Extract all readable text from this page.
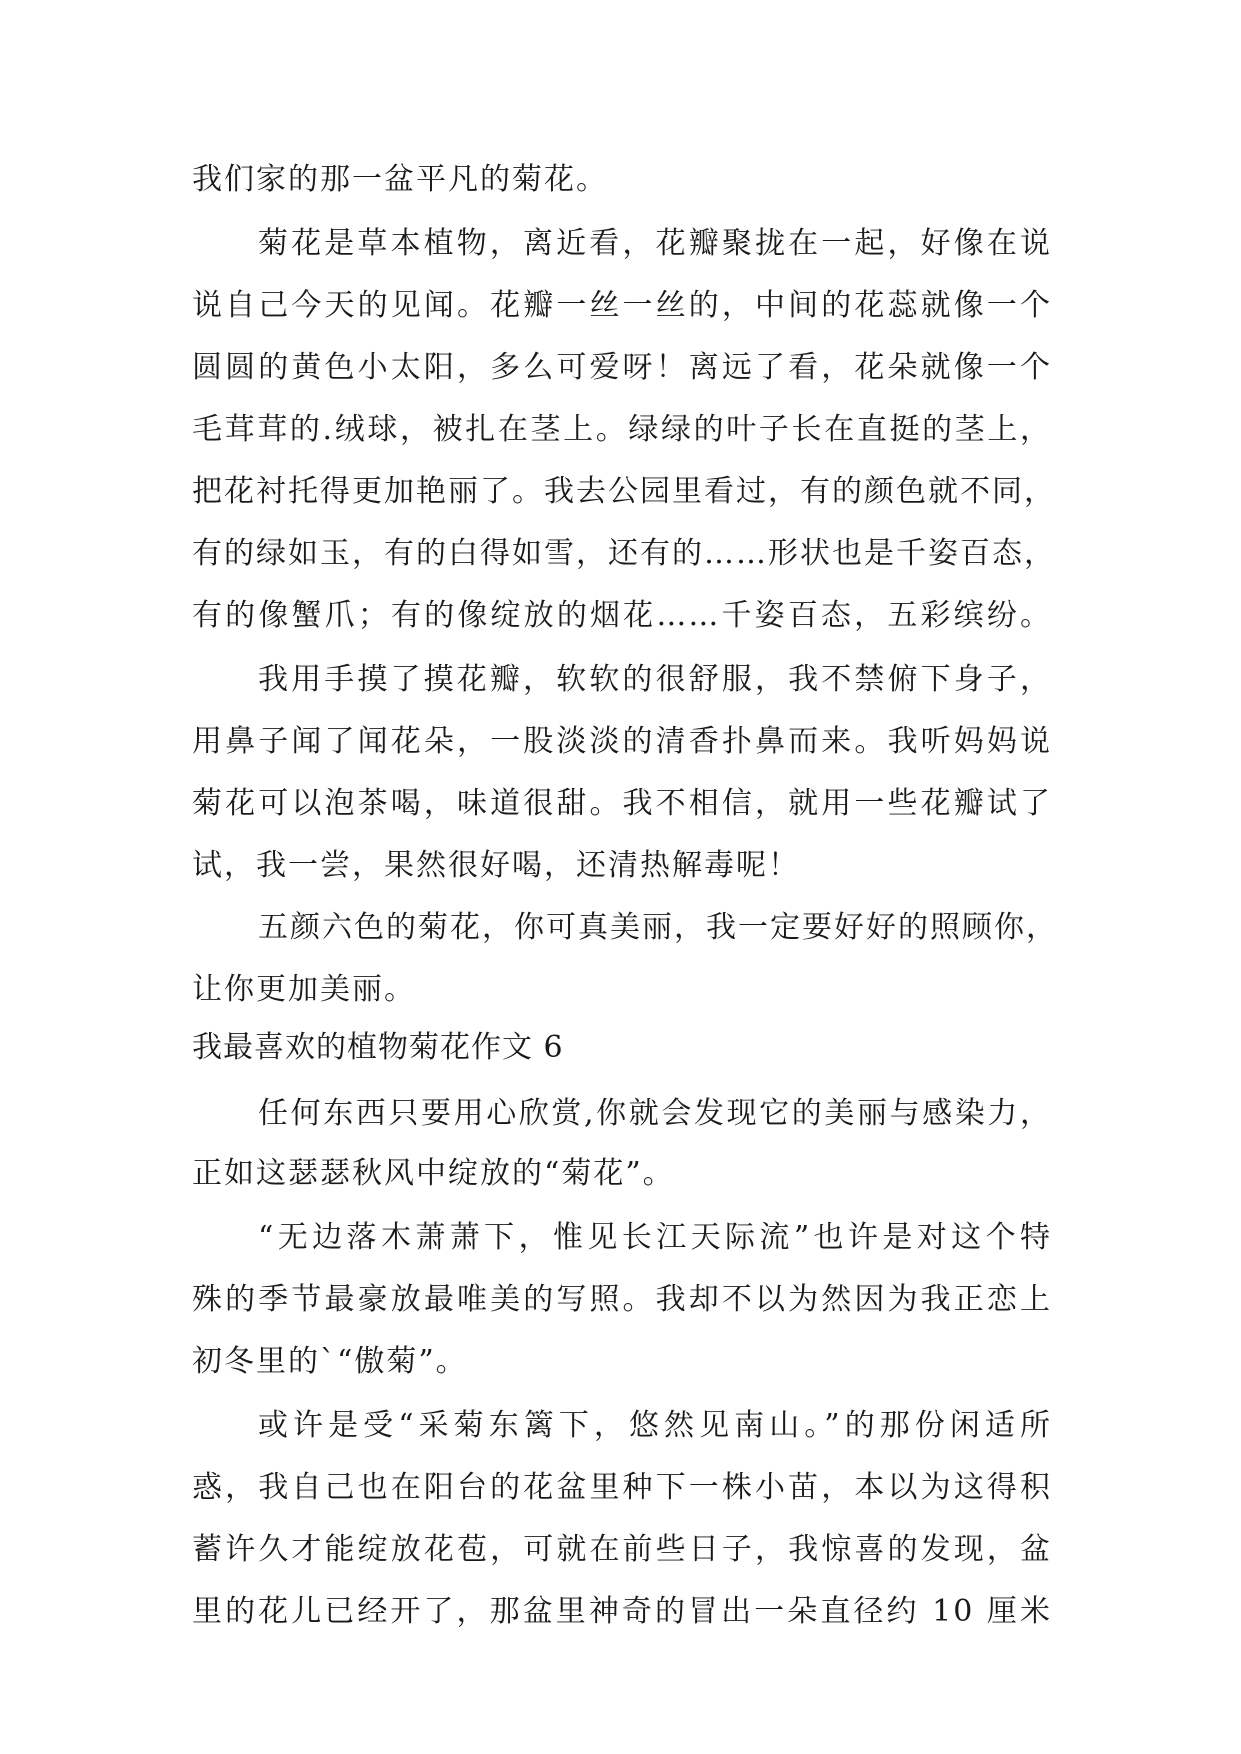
我们家的那一盆平凡的菊花。
菊花是草本植物，离近看，花瓣聚拢在一起，好像在说
说自己今天的见闻。花瓣一丝一丝的，中间的花蕊就像一个
圆圆的黄色小太阳，多么可爱呀！离远了看，花朵就像一个
毛茸茸的.绒球，被扎在茎上。绿绿的叶子长在直挺的茎上，
把花衬托得更加艳丽了。我去公园里看过，有的颜色就不同，
有的绿如玉，有的白得如雪，还有的……形状也是千姿百态，
有的像蟹爪；有的像绽放的烟花……千姿百态，五彩缤纷。
我用手摸了摸花瓣，软软的很舒服，我不禁俯下身子，
用鼻子闻了闻花朵，一股淡淡的清香扑鼻而来。我听妈妈说
菊花可以泡茶喝，味道很甜。我不相信，就用一些花瓣试了
试，我一尝，果然很好喝，还清热解毒呢！
五颜六色的菊花，你可真美丽，我一定要好好的照顾你，
让你更加美丽。
我最喜欢的植物菊花作文 6
任何东西只要用心欣赏,你就会发现它的美丽与感染力，
正如这瑟瑟秋风中绽放的“菊花”。
“无边落木萧萧下，惟见长江天际流”也许是对这个特
殊的季节最豪放最唯美的写照。我却不以为然因为我正恋上
初冬里的`“傲菊”。
或许是受“采菊东篱下，悠然见南山。”的那份闲适所
惑，我自己也在阳台的花盆里种下一株小苗，本以为这得积
蓄许久才能绽放花苞，可就在前些日子，我惊喜的发现，盆
里的花儿已经开了，那盆里神奇的冒出一朵直径约 10 厘米
